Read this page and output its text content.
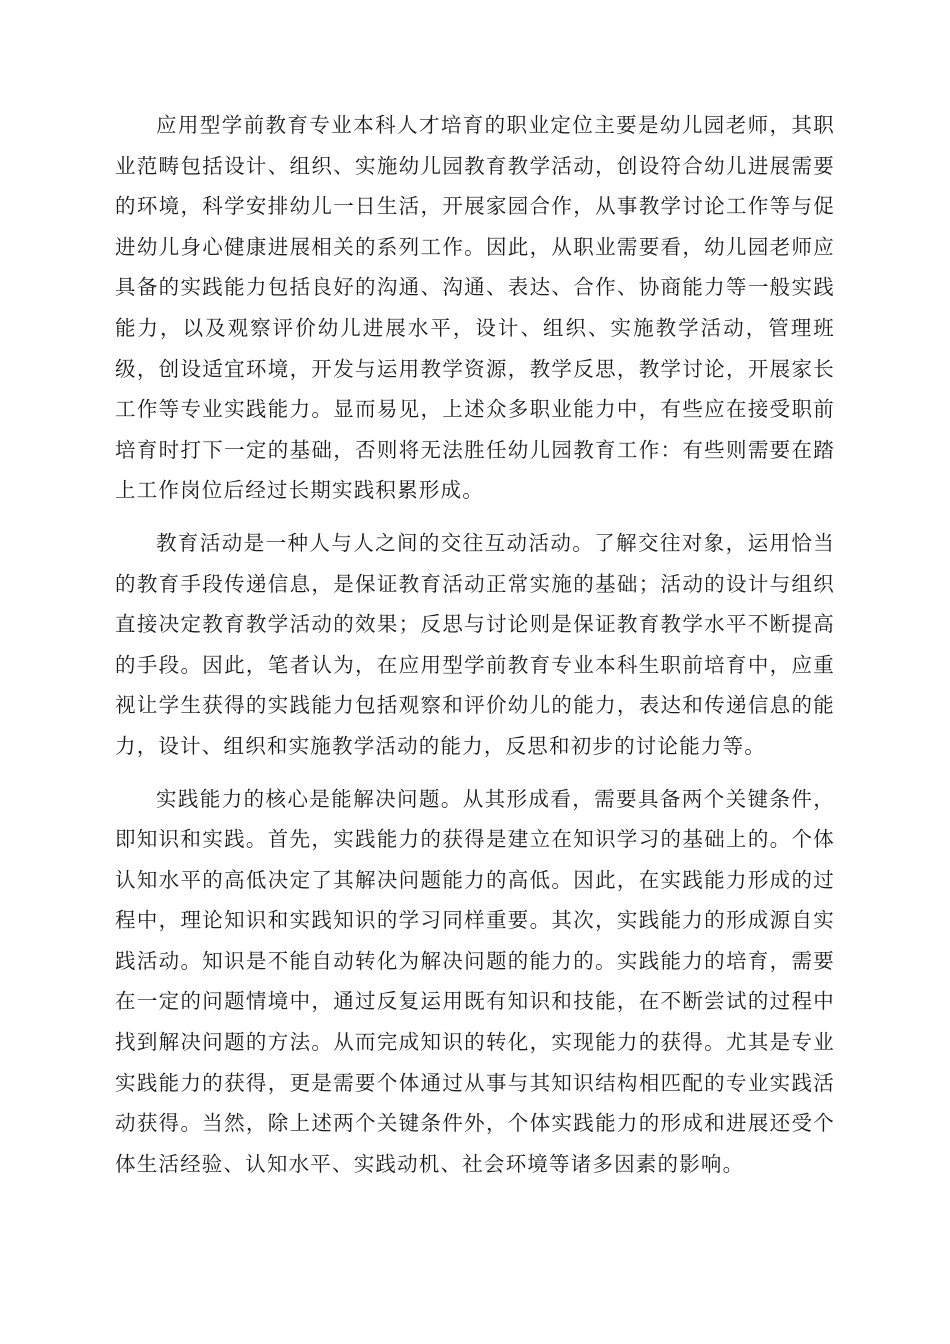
应用型学前教育专业本科人才培育的职业定位主要是幼儿园老师，其职业范畴包括设计、组织、实施幼儿园教育教学活动，创设符合幼儿进展需要的环境，科学安排幼儿一日生活，开展家园合作，从事教学讨论工作等与促进幼儿身心健康进展相关的系列工作。因此，从职业需要看，幼儿园老师应具备的实践能力包括良好的沟通、沟通、表达、合作、协商能力等一般实践能力，以及观察评价幼儿进展水平，设计、组织、实施教学活动，管理班级，创设适宜环境，开发与运用教学资源，教学反思，教学讨论，开展家长工作等专业实践能力。显而易见，上述众多职业能力中，有些应在接受职前培育时打下一定的基础，否则将无法胜任幼儿园教育工作：有些则需要在踏上工作岗位后经过长期实践积累形成。

教育活动是一种人与人之间的交往互动活动。了解交往对象，运用恰当的教育手段传递信息，是保证教育活动正常实施的基础；活动的设计与组织直接决定教育教学活动的效果；反思与讨论则是保证教育教学水平不断提高的手段。因此，笔者认为，在应用型学前教育专业本科生职前培育中，应重视让学生获得的实践能力包括观察和评价幼儿的能力，表达和传递信息的能力，设计、组织和实施教学活动的能力，反思和初步的讨论能力等。

实践能力的核心是能解决问题。从其形成看，需要具备两个关键条件，即知识和实践。首先，实践能力的获得是建立在知识学习的基础上的。个体认知水平的高低决定了其解决问题能力的高低。因此，在实践能力形成的过程中，理论知识和实践知识的学习同样重要。其次，实践能力的形成源自实践活动。知识是不能自动转化为解决问题的能力的。实践能力的培育，需要在一定的问题情境中，通过反复运用既有知识和技能，在不断尝试的过程中找到解决问题的方法。从而完成知识的转化，实现能力的获得。尤其是专业实践能力的获得，更是需要个体通过从事与其知识结构相匹配的专业实践活动获得。当然，除上述两个关键条件外，个体实践能力的形成和进展还受个体生活经验、认知水平、实践动机、社会环境等诸多因素的影响。
